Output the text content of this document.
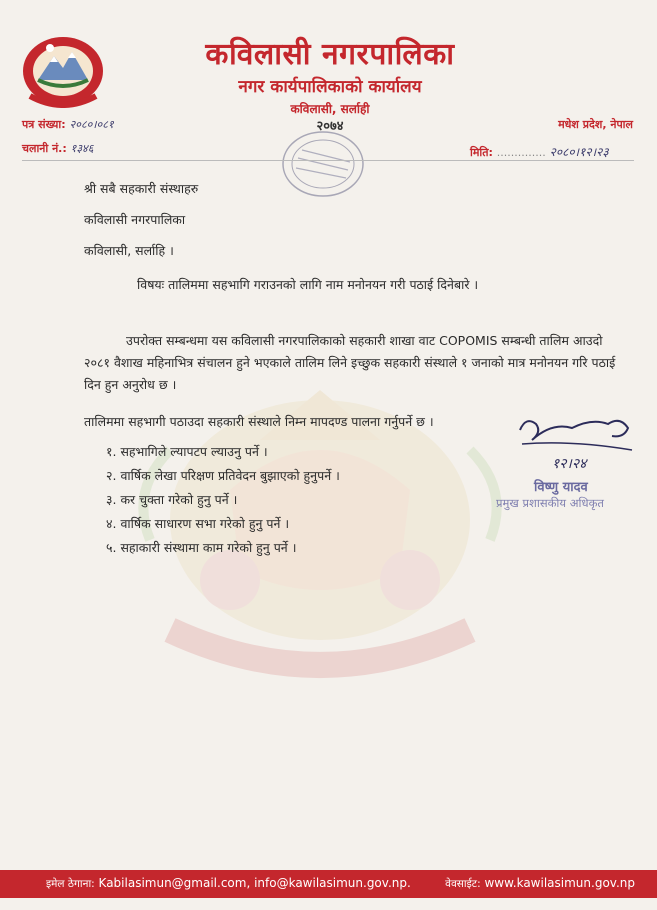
कविलासी नगरपालिका
नगर कार्यपालिकाको कार्यालय
कविलासी, सर्लाही
२०७४
पत्र संख्या: २०८०।०८१
चलानी नं.: १३४६
मधेश प्रदेश, नेपाल
मिति: .............. २०८०।१२।२३
श्री सबै सहकारी संस्थाहरु
कविलासी नगरपालिका
कविलासी, सर्लाहि ।
विषयः तालिममा सहभागि गराउनको लागि नाम मनोनयन गरी पठाई दिनेबारे ।
उपरोक्त सम्बन्धमा यस कविलासी नगरपालिकाको सहकारी शाखा वाट COPOMIS सम्बन्धी तालिम आउदो २०८१ वैशाख महिनाभित्र संचालन हुने भएकाले तालिम लिने इच्छुक सहकारी संस्थाले १ जनाको मात्र मनोनयन गरि पठाई दिन हुन अनुरोध छ ।
तालिममा सहभागी पठाउदा सहकारी संस्थाले निम्न मापदण्ड पालना गर्नुपर्ने छ ।
१. सहभागिले ल्यापटप ल्याउनु पर्ने ।
२. वार्षिक लेखा परिक्षण प्रतिवेदन बुझाएको हुनुपर्ने ।
३. कर चुक्ता गरेको हुनु पर्ने ।
४. वार्षिक साधारण सभा गरेको हुनु पर्ने ।
५. सहाकारी संस्थामा काम गरेको हुनु पर्ने ।
१२।२४
विष्णु यादव
प्रमुख प्रशासकीय अधिकृत
इमेल ठेगाना: Kabilasimun@gmail.com, info@kawilasimun.gov.np.	वेवसाईट: www.kawilasimun.gov.np
